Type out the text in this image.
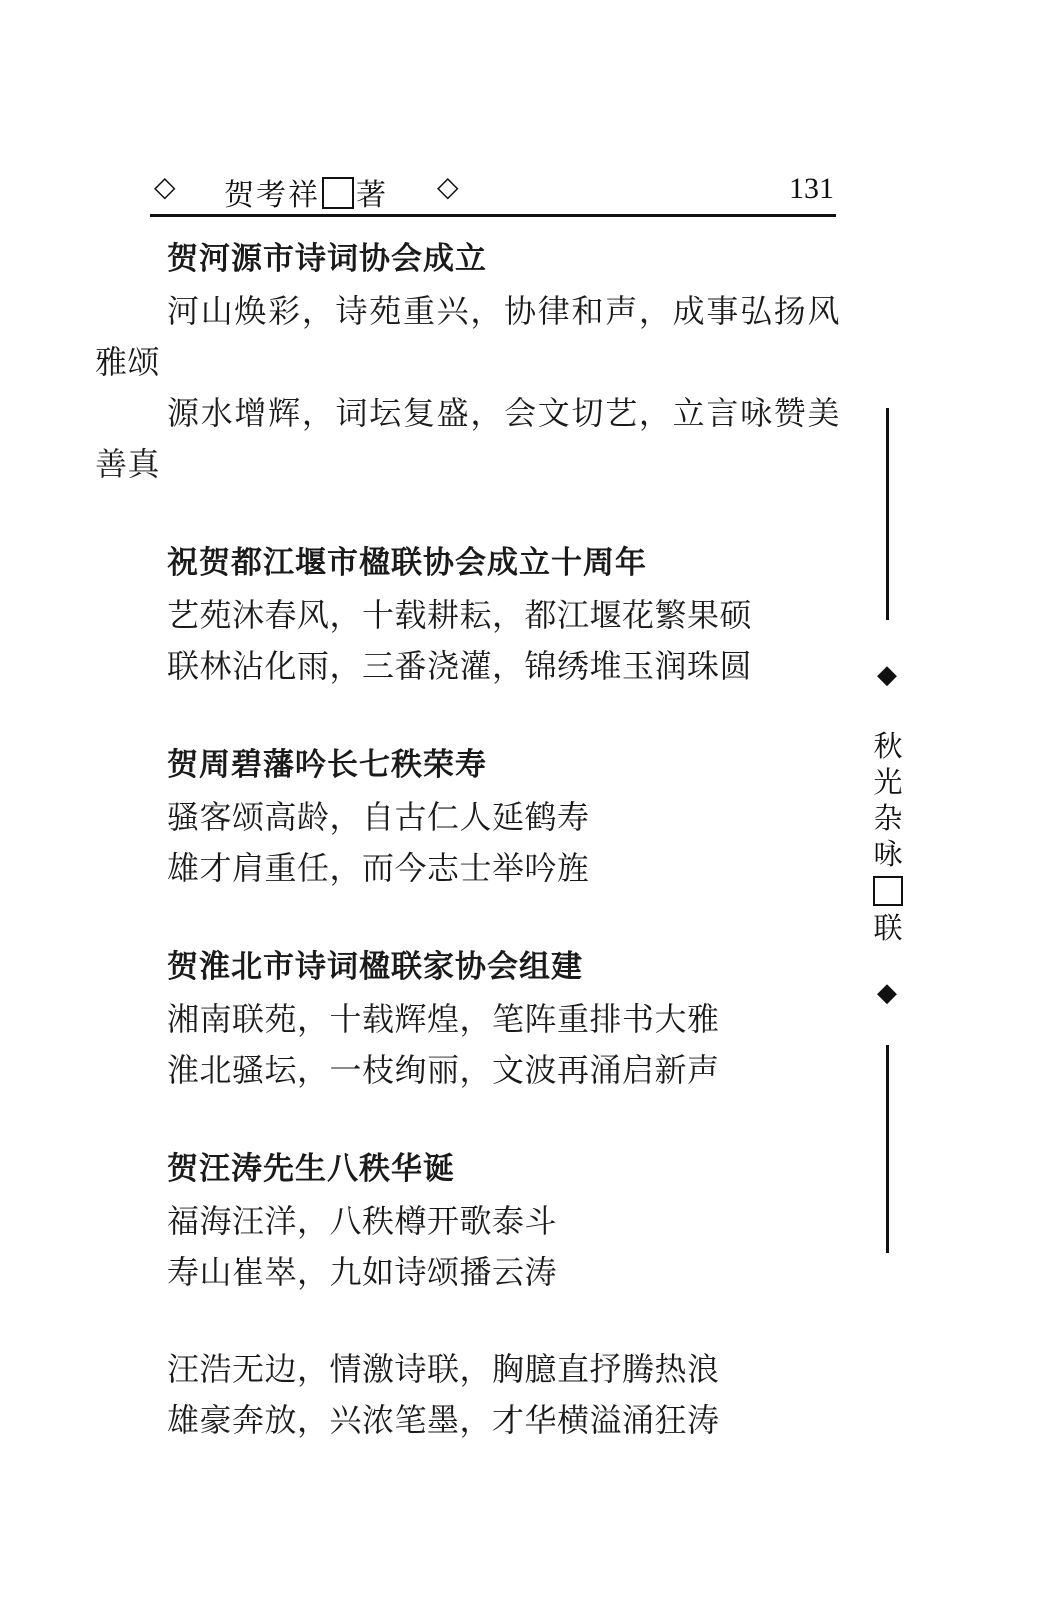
◇ 贺考祥 著 ◇	131
贺河源市诗词协会成立
河山焕彩，诗苑重兴，协律和声，成事弘扬风雅颂
源水增辉，词坛复盛，会文切艺，立言咏赞美善真
祝贺都江堰市楹联协会成立十周年
艺苑沐春风，十载耕耘，都江堰花繁果硕
联林沾化雨，三番浇灌，锦绣堆玉润珠圆
贺周碧藩吟长七秩荣寿
骚客颂高龄，自古仁人延鹤寿
雄才肩重任，而今志士举吟旌
贺淮北市诗词楹联家协会组建
湘南联苑，十载辉煌，笔阵重排书大雅
淮北骚坛，一枝绚丽，文波再涌启新声
贺汪涛先生八秩华诞
福海汪洋，八秩樽开歌泰斗
寿山崔崒，九如诗颂播云涛
汪浩无边，情激诗联，胸臆直抒腾热浪
雄豪奔放，兴浓笔墨，才华横溢涌狂涛
◆
秋
光
杂
咏
联
◆
